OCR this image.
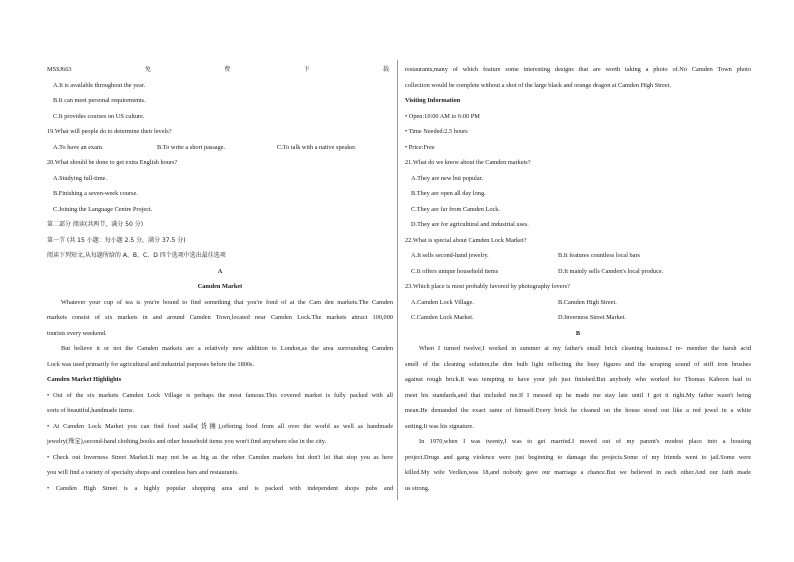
MSSJ663	免	费	下	载
A.It is available throughout the year.
B.It can meet personal requirements.
C.It provides courses on US culture.
19.What will people do to determine their levels?
A.To have an exam.	B.To write a short passage.	C.To talk with a native speaker.
20.What should be done to get extra English hours?
A.Studying full-time.
B.Finishing a seven-week course.
C.Joining the Language Centre Project.
第二部分 阅读(共两节，满分 50 分)
第一节 (共 15 小题：每小题 2.5 分，满分 37.5 分)
阅读下列短文,从每题所给的 A、B、C、D 四个选项中选出最佳选项
A
Camden Market
Whatever your cup of tea is you're bound to find something that you're fond of at the Cam den markets.The Camden
markets consist of six markets in and around Camden Town,located near Camden Lock.The markets attract 100,000
tourists every weekend.
But believe it or not the Camden markets are a relatively new addition to London,as the area surrounding Camden
Lock was used primarily for agricultural and industrial purposes before the 1800s.
Camden Market Highlights
• Out of the six markets Camden Lock Village is perhaps the most famous.This covered market is fully packed with all
sorts of beautiful,handmade items.
• At Camden Lock Market you can find food stalls(货摊),offering food from all over the world as well as handmade
jewelry(珠宝),second-hand clothing,books and other household items you won't find anywhere else in the city.
• Check out Inverness Street Market.It may not be as big as the other Camden markets but don't let that stop you as here
you will find a variety of specialty shops and countless bars and restaurants.
• Camden High Street is a highly popular shopping area and is packed with independent shops pubs and
restaurants,many of which feature some interesting designs that are worth taking a photo of.No Camden Town photo
collection would be complete without a shot of the large black and orange dragon at Camden High Street.
Visiting Information
• Open:10:00 AM to 6:00 PM
• Time Needed:2.5 hours
• Price:Free
21.What do we know about the Camden markets?
A.They are new but popular.
B.They are open all day long.
C.They are far from Camden Lock.
D.They are for agricultural and industrial uses.
22.What is special about Camden Lock Market?
A.It sells second-hand jewelry.	B.It features countless local bars
C.It offers unique household items	D.It mainly sells Camden's local produce.
23.Which place is most probably favored by photography lovers?
A.Camden Lock Village.	B.Camden High Street.
C.Camden Lock Market.	D.Inverness Street Market.
B
When I turned twelve,I worked in summer at my father's small brick cleaning business.I re- member the harsh acid
smell of the cleaning solution,the dim bulb light reflecting the busy figures and the scraping sound of stiff iron brushes
against rough brick.It was tempting to have your job just finished.But anybody who worked for Thomas Kahoon had to
meet his standards,and that included me.If I messed up he made me stay late until I got it right.My father wasn't being
mean.He demanded the exact same of himself.Every brick he cleaned on the house stood out like a red jewel in a white
setting.It was his signature.
In 1970,when I was twenty,I was to get married.I moved out of my parent's modest place into a housing
project.Drugs and gang violence were just beginning to damage the projects.Some of my friends went to jail.Some were
killed.My wife Verllen,was 18,and nobody gave our marriage a chance.But we believed in each other.And our faith made
us strong.
